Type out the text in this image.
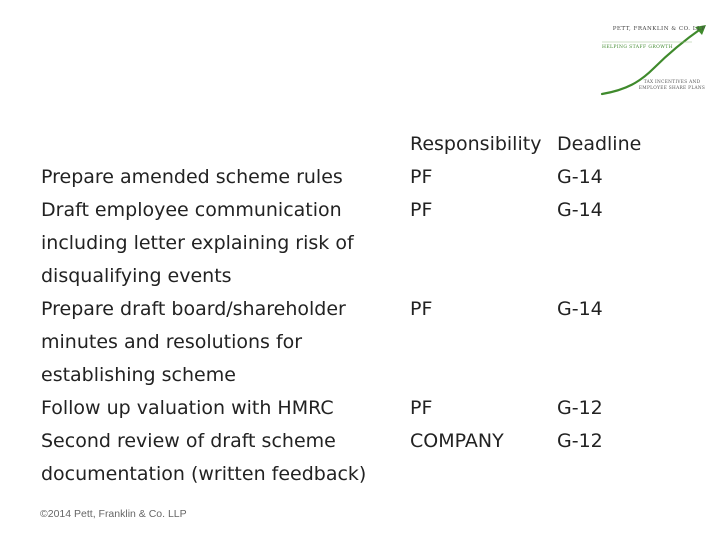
PETT, FRANKLIN & CO. LLP
HELPING STAFF GROWTH
TAX INCENTIVES AND
EMPLOYEE SHARE PLANS
Responsibility Deadline
Prepare amended scheme rules
Draft employee communication
including letter explaining risk of
disqualifying events
Prepare draft board/shareholder
minutes and resolutions for
establishing scheme
Follow up valuation with HMRC
Second review of draft scheme
documentation (written feedback)
PF
PF
PF
PF
COMPANY
G-14
G-14
G-14
G-12
G-12
©2014 Pett, Franklin & Co. LLP
